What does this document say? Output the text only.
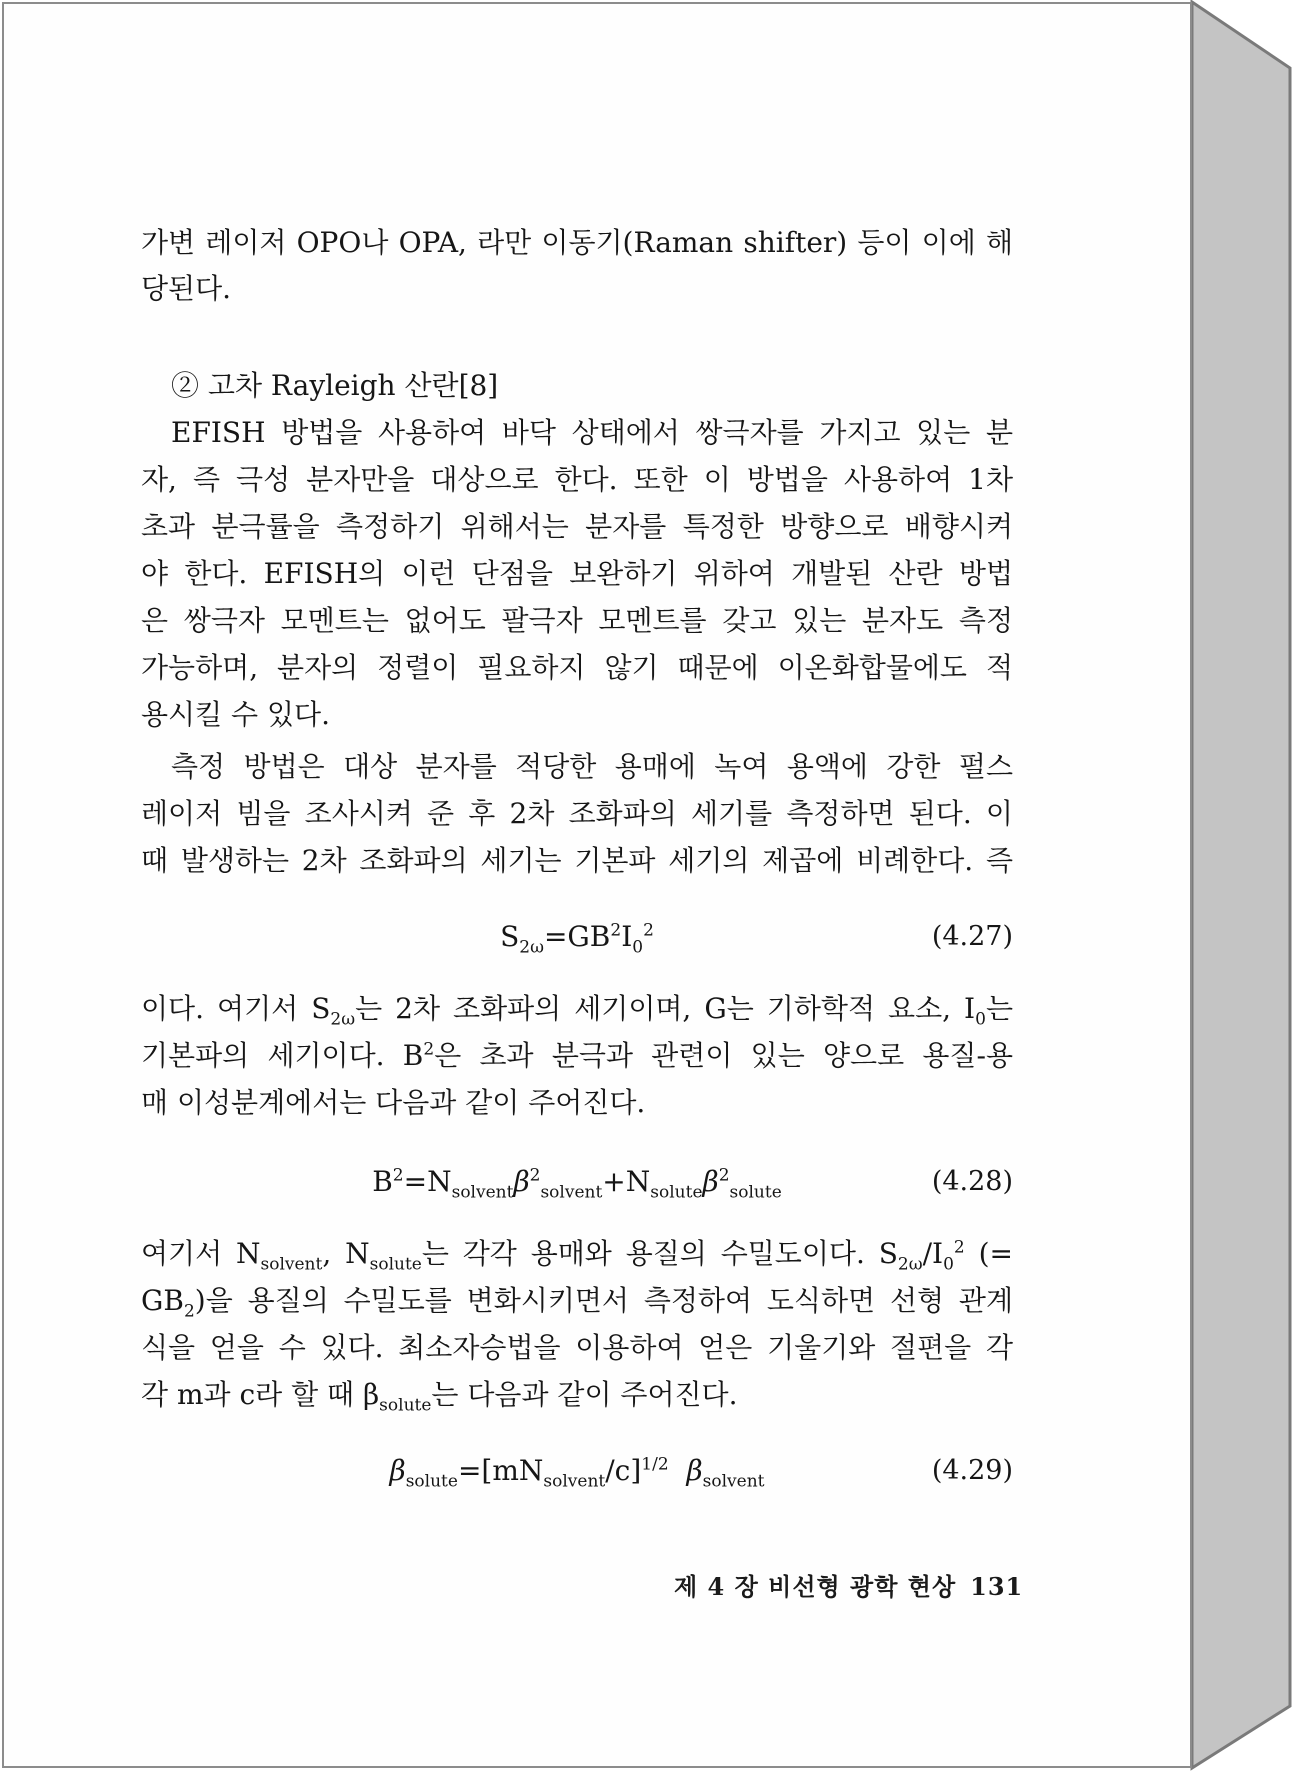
가변 레이저 OPO나 OPA, 라만 이동기(Raman shifter) 등이 이에 해
당된다.
② 고차 Rayleigh 산란[8]
EFISH 방법을 사용하여 바닥 상태에서 쌍극자를 가지고 있는 분
자, 즉 극성 분자만을 대상으로 한다. 또한 이 방법을 사용하여 1차
초과 분극률을 측정하기 위해서는 분자를 특정한 방향으로 배향시켜
야 한다. EFISH의 이런 단점을 보완하기 위하여 개발된 산란 방법
은 쌍극자 모멘트는 없어도 팔극자 모멘트를 갖고 있는 분자도 측정
가능하며, 분자의 정렬이 필요하지 않기 때문에 이온화합물에도 적
용시킬 수 있다.
측정 방법은 대상 분자를 적당한 용매에 녹여 용액에 강한 펄스
레이저 빔을 조사시켜 준 후 2차 조화파의 세기를 측정하면 된다. 이
때 발생하는 2차 조화파의 세기는 기본파 세기의 제곱에 비례한다. 즉
$S_{2\omega}=GB^2I_0^2$	(4.27)
이다. 여기서 $S_{2\omega}$는 2차 조화파의 세기이며, G는 기하학적 요소, $I_0$는
기본파의 세기이다. $B^2$은 초과 분극과 관련이 있는 양으로 용질-용
매 이성분계에서는 다음과 같이 주어진다.
$B^2=N_{solvent}\beta^2_{solvent}+N_{solute}\beta^2_{solute}$	(4.28)
여기서 $N_{solvent}$, $N_{solute}$는 각각 용매와 용질의 수밀도이다. $S_{2\omega}/I_0^2$ (=
$GB_2$)을 용질의 수밀도를 변화시키면서 측정하여 도식하면 선형 관계
식을 얻을 수 있다. 최소자승법을 이용하여 얻은 기울기와 절편을 각
각 m과 c라 할 때 $\beta_{solute}$는 다음과 같이 주어진다.
$\beta_{solute}=[mN_{solvent}/c]^{1/2}$ $\beta_{solvent}$	(4.29)
제 4 장 비선형 광학 현상 131
